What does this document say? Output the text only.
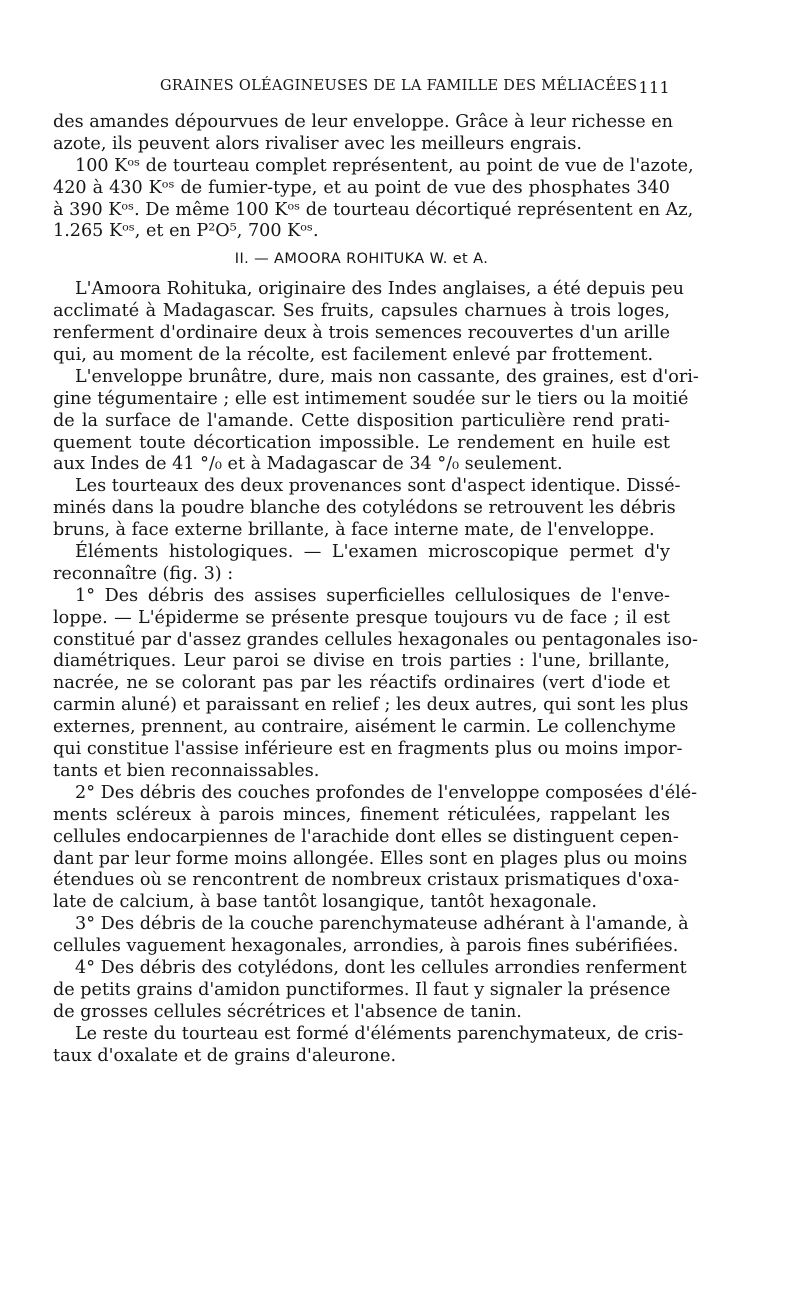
GRAINES OLÉAGINEUSES DE LA FAMILLE DES MÉLIACÉES 111
des amandes dépourvues de leur enveloppe. Grâce à leur richesse en
azote, ils peuvent alors rivaliser avec les meilleurs engrais.
100 Kᵒˢ de tourteau complet représentent, au point de vue de l'azote,
420 à 430 Kᵒˢ de fumier-type, et au point de vue des phosphates 340
à 390 Kᵒˢ. De même 100 Kᵒˢ de tourteau décortiqué représentent en Az,
1.265 Kᵒˢ, et en P²O⁵, 700 Kᵒˢ.
II. — AMOORA ROHITUKA W. et A.
L'Amoora Rohituka, originaire des Indes anglaises, a été depuis peu
acclimaté à Madagascar. Ses fruits, capsules charnues à trois loges,
renferment d'ordinaire deux à trois semences recouvertes d'un arille
qui, au moment de la récolte, est facilement enlevé par frottement.
L'enveloppe brunâtre, dure, mais non cassante, des graines, est d'ori-
gine tégumentaire ; elle est intimement soudée sur le tiers ou la moitié
de la surface de l'amande. Cette disposition particulière rend prati-
quement toute décortication impossible. Le rendement en huile est
aux Indes de 41 °/₀ et à Madagascar de 34 °/₀ seulement.
Les tourteaux des deux provenances sont d'aspect identique. Dissé-
minés dans la poudre blanche des cotylédons se retrouvent les débris
bruns, à face externe brillante, à face interne mate, de l'enveloppe.
Éléments histologiques. — L'examen microscopique permet d'y
reconnaître (fig. 3) :
1° Des débris des assises superficielles cellulosiques de l'enve-
loppe. — L'épiderme se présente presque toujours vu de face ; il est
constitué par d'assez grandes cellules hexagonales ou pentagonales iso-
diamétriques. Leur paroi se divise en trois parties : l'une, brillante,
nacrée, ne se colorant pas par les réactifs ordinaires (vert d'iode et
carmin aluné) et paraissant en relief ; les deux autres, qui sont les plus
externes, prennent, au contraire, aisément le carmin. Le collenchyme
qui constitue l'assise inférieure est en fragments plus ou moins impor-
tants et bien reconnaissables.
2° Des débris des couches profondes de l'enveloppe composées d'élé-
ments scléreux à parois minces, finement réticulées, rappelant les
cellules endocarpiennes de l'arachide dont elles se distinguent cepen-
dant par leur forme moins allongée. Elles sont en plages plus ou moins
étendues où se rencontrent de nombreux cristaux prismatiques d'oxa-
late de calcium, à base tantôt losangique, tantôt hexagonale.
3° Des débris de la couche parenchymateuse adhérant à l'amande, à
cellules vaguement hexagonales, arrondies, à parois fines subérifiées.
4° Des débris des cotylédons, dont les cellules arrondies renferment
de petits grains d'amidon punctiformes. Il faut y signaler la présence
de grosses cellules sécrétrices et l'absence de tanin.
Le reste du tourteau est formé d'éléments parenchymateux, de cris-
taux d'oxalate et de grains d'aleurone.
